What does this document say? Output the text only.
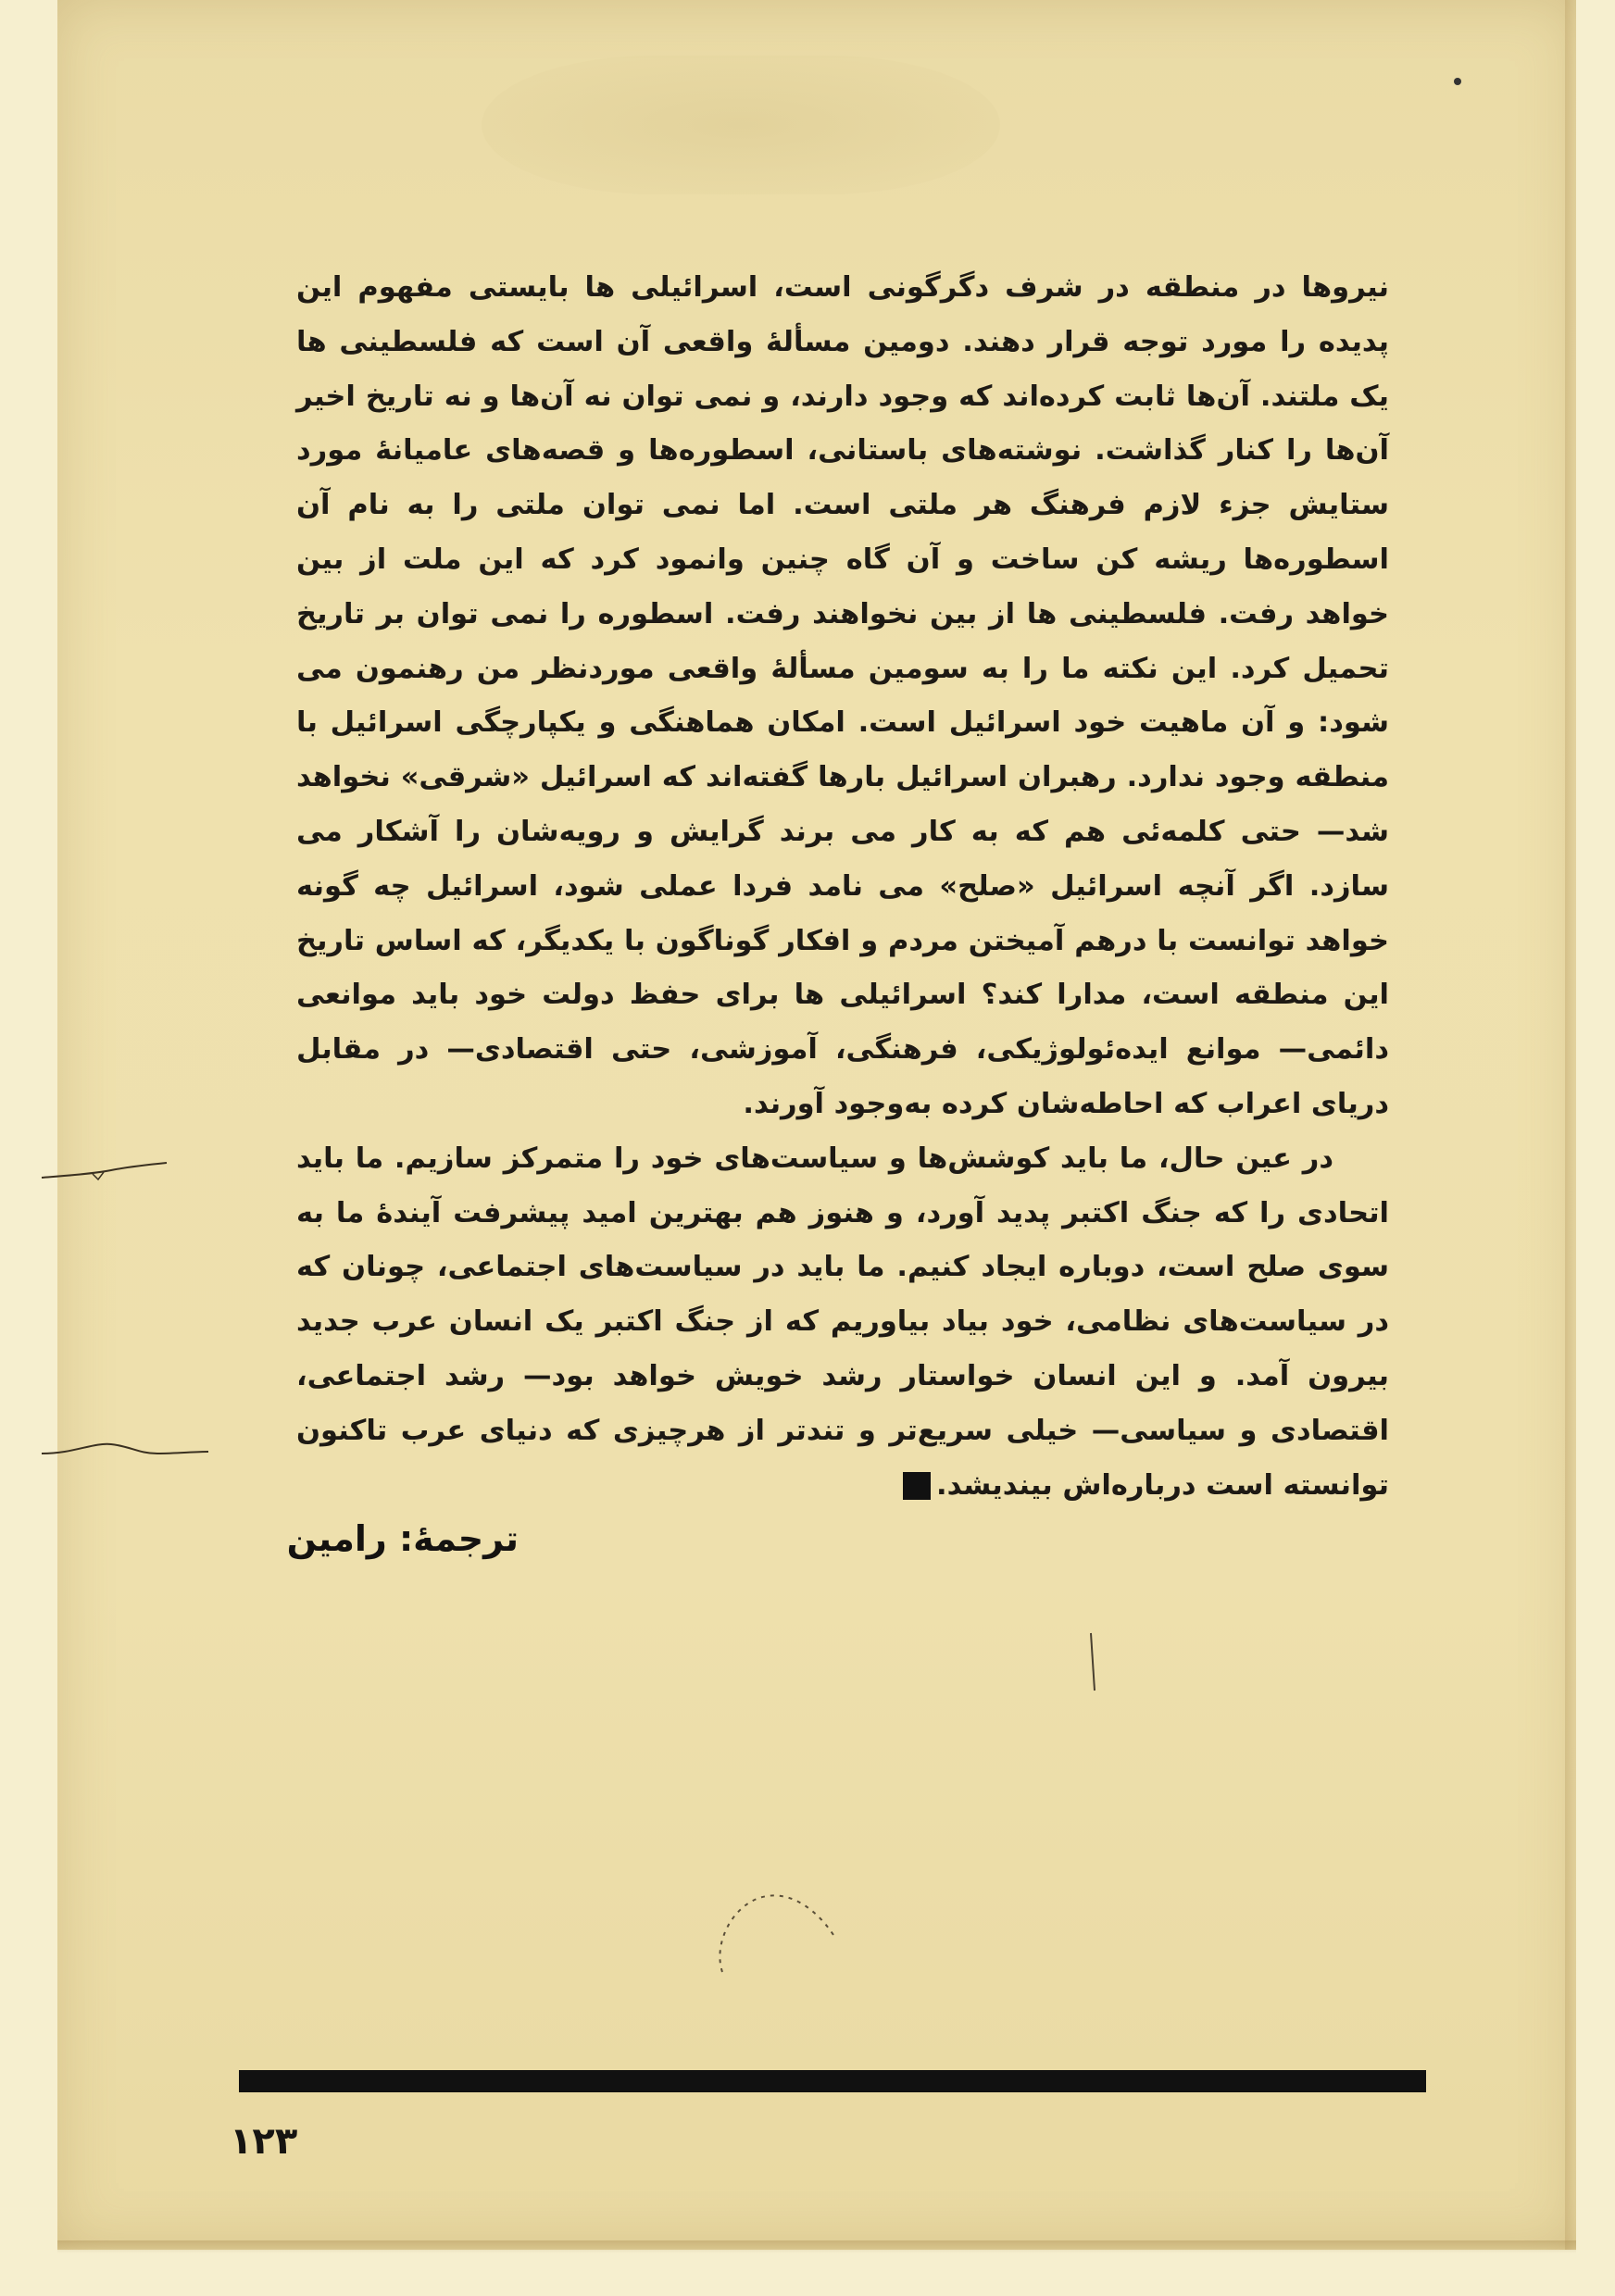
نیروها در منطقه در شرف دگرگونی است، اسرائیلی ها بایستی مفهوم این پدیده را مورد توجه قرار دهند. دومین مسألهٔ واقعی آن است که فلسطینی ها یک ملتند. آن‌ها ثابت کرده‌اند که وجود دارند، و نمی توان نه آن‌ها و نه تاریخ اخیر آن‌ها را کنار گذاشت. نوشته‌های باستانی، اسطوره‌ها و قصه‌های عامیانهٔ مورد ستایش جزء لازم فرهنگ هر ملتی است. اما نمی توان ملتی را به نام آن اسطوره‌ها ریشه کن ساخت و آن گاه چنین وانمود کرد که این ملت از بین خواهد رفت. فلسطینی ها از بین نخواهند رفت. اسطوره را نمی توان بر تاریخ تحمیل کرد. این نکته ما را به سومین مسألهٔ واقعی موردنظر من رهنمون می شود: و آن ماهیت خود اسرائیل است. امکان هماهنگی و یکپارچگی اسرائیل با منطقه وجود ندارد. رهبران اسرائیل بارها گفته‌اند که اسرائیل «شرقی» نخواهد شد— حتی کلمه‌ئی هم که به کار می برند گرایش و رویه‌شان را آشکار می سازد. اگر آنچه اسرائیل «صلح» می نامد فردا عملی شود، اسرائیل چه گونه خواهد توانست با درهم آمیختن مردم و افکار گوناگون با یکدیگر، که اساس تاریخ این منطقه است، مدارا کند؟ اسرائیلی ها برای حفظ دولت خود باید موانعی دائمی— موانع ایده‌ئولوژیکی، فرهنگی، آموزشی، حتی اقتصادی— در مقابل دریای اعراب که احاطه‌شان کرده به‌وجود آورند.

در عین حال، ما باید کوشش‌ها و سیاست‌های خود را متمرکز سازیم. ما باید اتحادی را که جنگ اکتبر پدید آورد، و هنوز هم بهترین امید پیشرفت آیندهٔ ما به سوی صلح است، دوباره ایجاد کنیم. ما باید در سیاست‌های اجتماعی، چونان که در سیاست‌های نظامی، خود بیاد بیاوریم که از جنگ اکتبر یک انسان عرب جدید بیرون آمد. و این انسان خواستار رشد خویش خواهد بود— رشد اجتماعی، اقتصادی و سیاسی— خیلی سریع‌تر و تندتر از هرچیزی که دنیای عرب تاکنون توانسته است درباره‌اش بیندیشد.

ترجمهٔ: رامین
۱۲۳
